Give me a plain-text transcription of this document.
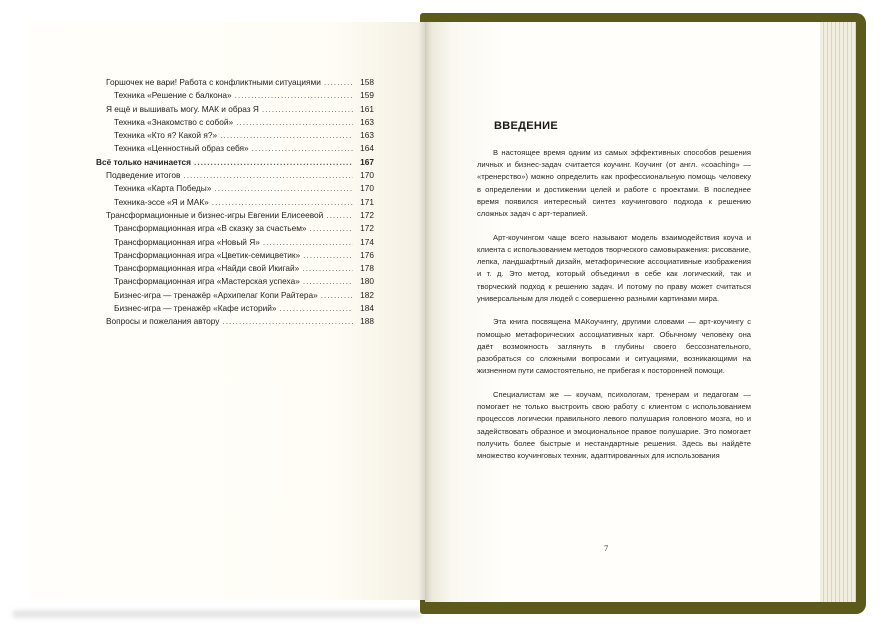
Горшочек не вари! Работа с конфликтными ситуациями .....	158
Техника «Решение с балкона» .....	159
Я ещё и вышивать могу. МАК и образ Я .....	161
Техника «Знакомство с собой» .....	163
Техника «Кто я? Какой я?» .....	163
Техника «Ценностный образ себя» .....	164
Всё только начинается .....	167
Подведение итогов .....	170
Техника «Карта Победы» .....	170
Техника-эссе «Я и МАК» .....	171
Трансформационные и бизнес-игры Евгении Елисеевой .....	172
Трансформационная игра «В сказку за счастьем» .....	172
Трансформационная игра «Новый Я» .....	174
Трансформационная игра «Цветик-семицветик» .....	176
Трансформационная игра «Найди свой Икигай» .....	178
Трансформационная игра «Мастерская успеха» .....	180
Бизнес-игра — тренажёр «Архипелаг Копи Райтера» .....	182
Бизнес-игра — тренажёр «Кафе историй» .....	184
Вопросы и пожелания автору .....	188
ВВЕДЕНИЕ

В настоящее время одним из самых эффективных способов решения личных и бизнес-задач считается коучинг. Коучинг (от англ. «coaching» — «тренерство») можно определить как профессиональную помощь человеку в определении и достижении целей и работе с проектами. В последнее время появился интересный синтез коучингового подхода к решению сложных задач с арт-терапией.

Арт-коучингом чаще всего называют модель взаимодействия коуча и клиента с использованием методов творческого самовыражения: рисование, лепка, ландшафтный дизайн, метафорические ассоциативные изображения и т. д. Это метод, который объединил в себе как логический, так и творческий подход к решению задач. И потому по праву может считаться универсальным для людей с совершенно разными картинами мира.

Эта книга посвящена МАКоучингу, другими словами — арт-коучингу с помощью метафорических ассоциативных карт. Обычному человеку она даёт возможность заглянуть в глубины своего бессознательного, разобраться со сложными вопросами и ситуациями, возникающими на жизненном пути самостоятельно, не прибегая к посторонней помощи.

Специалистам же — коучам, психологам, тренерам и педагогам — помогает не только выстроить свою работу с клиентом с использованием процессов логически правильного левого полушария головного мозга, но и задействовать образное и эмоциональное правое полушарие. Это помогает получить более быстрые и нестандартные решения. Здесь вы найдёте множество коучинговых техник, адаптированных для использования

7
